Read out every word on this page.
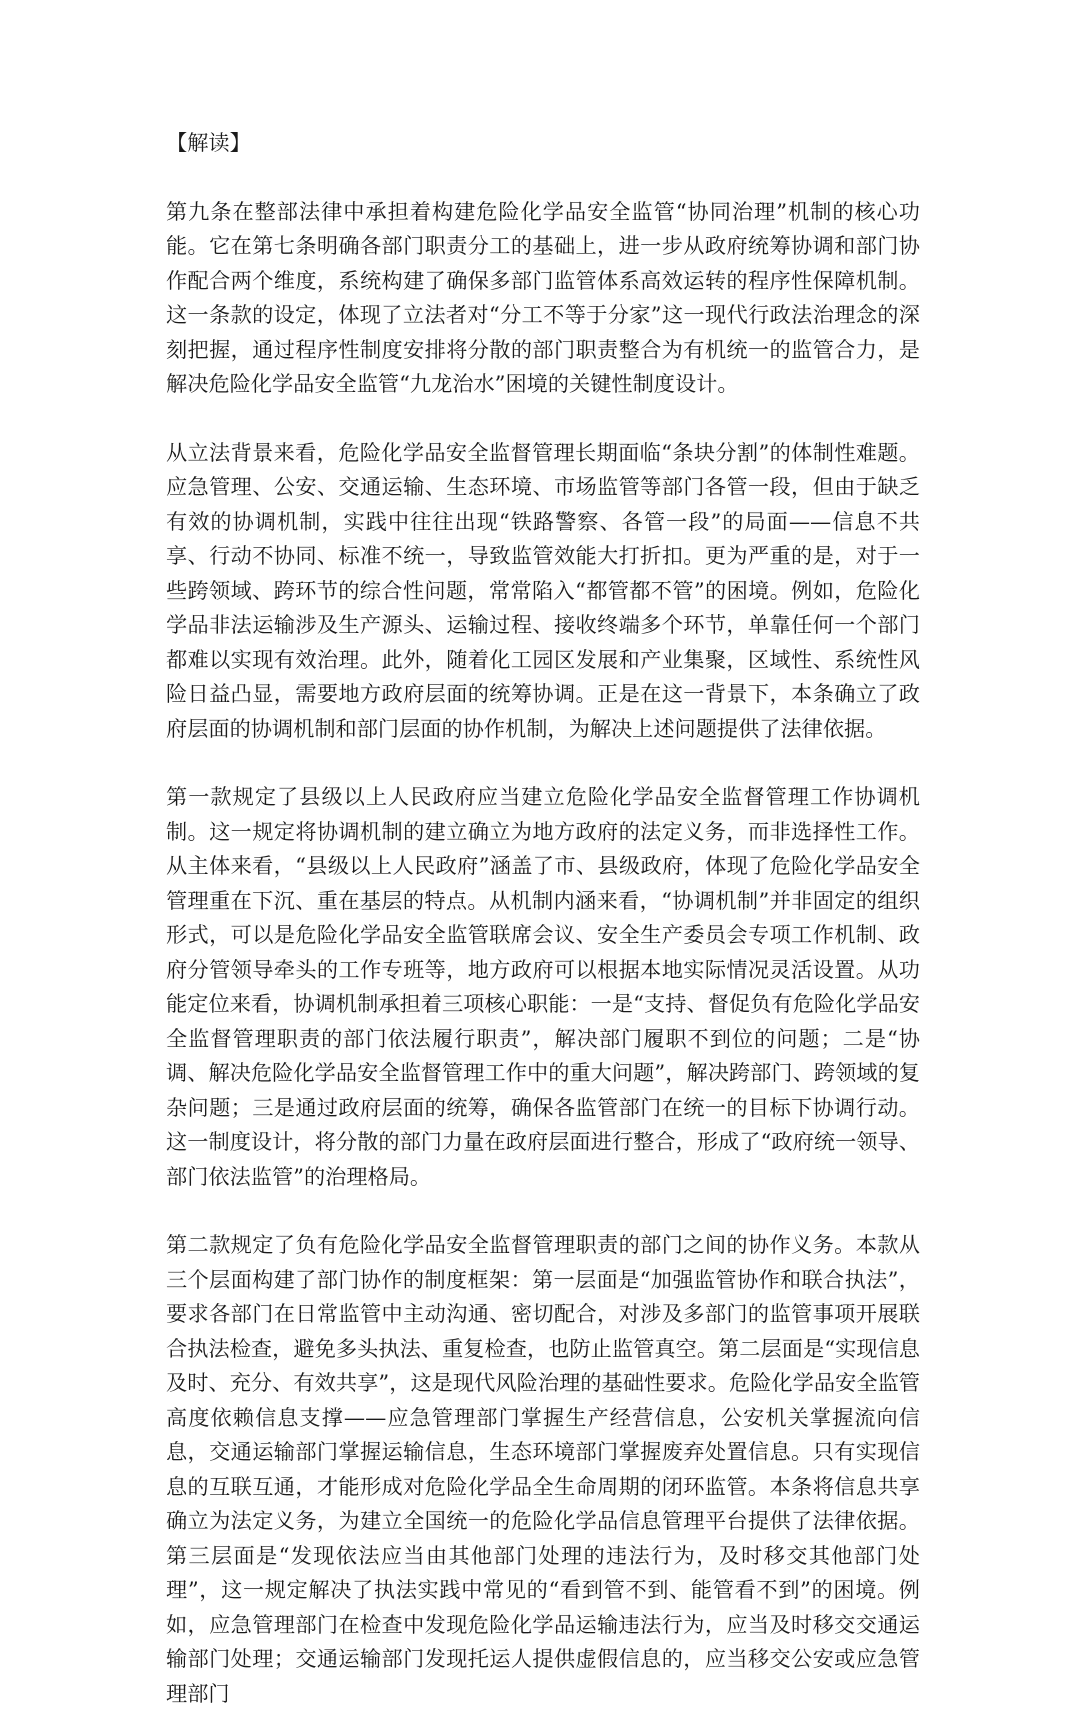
【解读】

第九条在整部法律中承担着构建危险化学品安全监管“协同治理”机制的核心功能。它在第七条明确各部门职责分工的基础上，进一步从政府统筹协调和部门协作配合两个维度，系统构建了确保多部门监管体系高效运转的程序性保障机制。这一条款的设定，体现了立法者对“分工不等于分家”这一现代行政法治理念的深刻把握，通过程序性制度安排将分散的部门职责整合为有机统一的监管合力，是解决危险化学品安全监管“九龙治水”困境的关键性制度设计。

从立法背景来看，危险化学品安全监督管理长期面临“条块分割”的体制性难题。应急管理、公安、交通运输、生态环境、市场监管等部门各管一段，但由于缺乏有效的协调机制，实践中往往出现“铁路警察、各管一段”的局面——信息不共享、行动不协同、标准不统一，导致监管效能大打折扣。更为严重的是，对于一些跨领域、跨环节的综合性问题，常常陷入“都管都不管”的困境。例如，危险化学品非法运输涉及生产源头、运输过程、接收终端多个环节，单靠任何一个部门都难以实现有效治理。此外，随着化工园区发展和产业集聚，区域性、系统性风险日益凸显，需要地方政府层面的统筹协调。正是在这一背景下，本条确立了政府层面的协调机制和部门层面的协作机制，为解决上述问题提供了法律依据。

第一款规定了县级以上人民政府应当建立危险化学品安全监督管理工作协调机制。这一规定将协调机制的建立确立为地方政府的法定义务，而非选择性工作。从主体来看，“县级以上人民政府”涵盖了市、县级政府，体现了危险化学品安全管理重在下沉、重在基层的特点。从机制内涵来看，“协调机制”并非固定的组织形式，可以是危险化学品安全监管联席会议、安全生产委员会专项工作机制、政府分管领导牵头的工作专班等，地方政府可以根据本地实际情况灵活设置。从功能定位来看，协调机制承担着三项核心职能：一是“支持、督促负有危险化学品安全监督管理职责的部门依法履行职责”，解决部门履职不到位的问题；二是“协调、解决危险化学品安全监督管理工作中的重大问题”，解决跨部门、跨领域的复杂问题；三是通过政府层面的统筹，确保各监管部门在统一的目标下协调行动。这一制度设计，将分散的部门力量在政府层面进行整合，形成了“政府统一领导、部门依法监管”的治理格局。

第二款规定了负有危险化学品安全监督管理职责的部门之间的协作义务。本款从三个层面构建了部门协作的制度框架：第一层面是“加强监管协作和联合执法”，要求各部门在日常监管中主动沟通、密切配合，对涉及多部门的监管事项开展联合执法检查，避免多头执法、重复检查，也防止监管真空。第二层面是“实现信息及时、充分、有效共享”，这是现代风险治理的基础性要求。危险化学品安全监管高度依赖信息支撑——应急管理部门掌握生产经营信息，公安机关掌握流向信息，交通运输部门掌握运输信息，生态环境部门掌握废弃处置信息。只有实现信息的互联互通，才能形成对危险化学品全生命周期的闭环监管。本条将信息共享确立为法定义务，为建立全国统一的危险化学品信息管理平台提供了法律依据。第三层面是“发现依法应当由其他部门处理的违法行为，及时移交其他部门处理”，这一规定解决了执法实践中常见的“看到管不到、能管看不到”的困境。例如，应急管理部门在检查中发现危险化学品运输违法行为，应当及时移交交通运输部门处理；交通运输部门发现托运人提供虚假信息的，应当移交公安或应急管理部门
